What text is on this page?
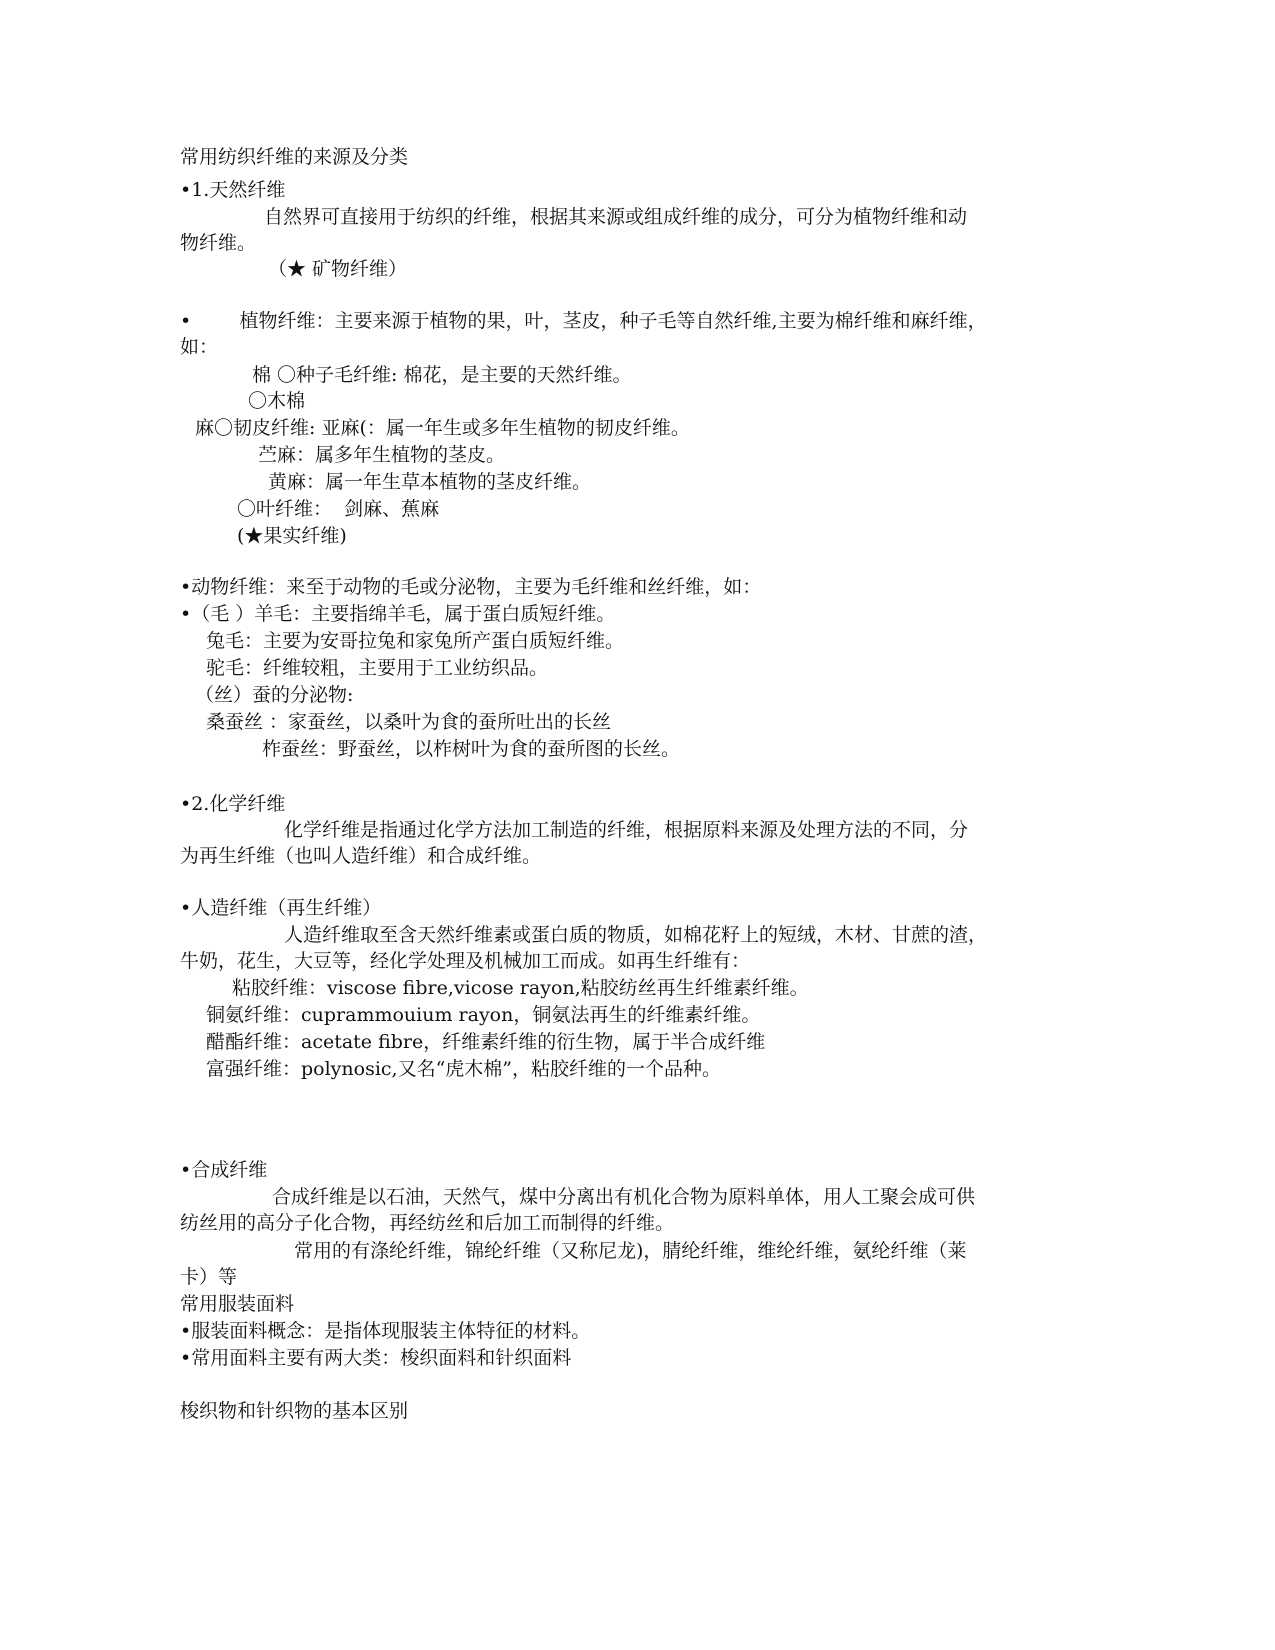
常用纺织纤维的来源及分类
•1.天然纤维
自然界可直接用于纺织的纤维，根据其来源或组成纤维的成分，可分为植物纤维和动
物纤维。
（★ 矿物纤维）
•        植物纤维：主要来源于植物的果，叶，茎皮，种子毛等自然纤维,主要为棉纤维和麻纤维，
如：
棉 〇种子毛纤维: 棉花，是主要的天然纤维。
〇木棉
麻〇韧皮纤维: 亚麻(：属一年生或多年生植物的韧皮纤维。
苎麻：属多年生植物的茎皮。
黄麻：属一年生草本植物的茎皮纤维。
〇叶纤维：  剑麻、蕉麻
(★果实纤维)
•动物纤维：来至于动物的毛或分泌物，主要为毛纤维和丝纤维，如：
•（毛 ）羊毛：主要指绵羊毛，属于蛋白质短纤维。
兔毛：主要为安哥拉兔和家兔所产蛋白质短纤维。
驼毛：纤维较粗，主要用于工业纺织品。
（丝）蚕的分泌物:
桑蚕丝 ：家蚕丝，以桑叶为食的蚕所吐出的长丝
柞蚕丝：野蚕丝，以柞树叶为食的蚕所图的长丝。
•2.化学纤维
化学纤维是指通过化学方法加工制造的纤维，根据原料来源及处理方法的不同，分
为再生纤维（也叫人造纤维）和合成纤维。
•人造纤维（再生纤维）
人造纤维取至含天然纤维素或蛋白质的物质，如棉花籽上的短绒，木材、甘蔗的渣，
牛奶，花生，大豆等，经化学处理及机械加工而成。如再生纤维有：
粘胶纤维：viscose fibre,vicose rayon,粘胶纺丝再生纤维素纤维。
铜氨纤维：cuprammouium rayon，铜氨法再生的纤维素纤维。
醋酯纤维：acetate fibre，纤维素纤维的衍生物，属于半合成纤维
富强纤维：polynosic,又名“虎木棉”，粘胶纤维的一个品种。
•合成纤维
合成纤维是以石油，天然气，煤中分离出有机化合物为原料单体，用人工聚会成可供
纺丝用的高分子化合物，再经纺丝和后加工而制得的纤维。
常用的有涤纶纤维，锦纶纤维（又称尼龙)，腈纶纤维，维纶纤维，氨纶纤维（莱
卡）等
常用服装面料
•服装面料概念：是指体现服装主体特征的材料。
•常用面料主要有两大类：梭织面料和针织面料
梭织物和针织物的基本区别
